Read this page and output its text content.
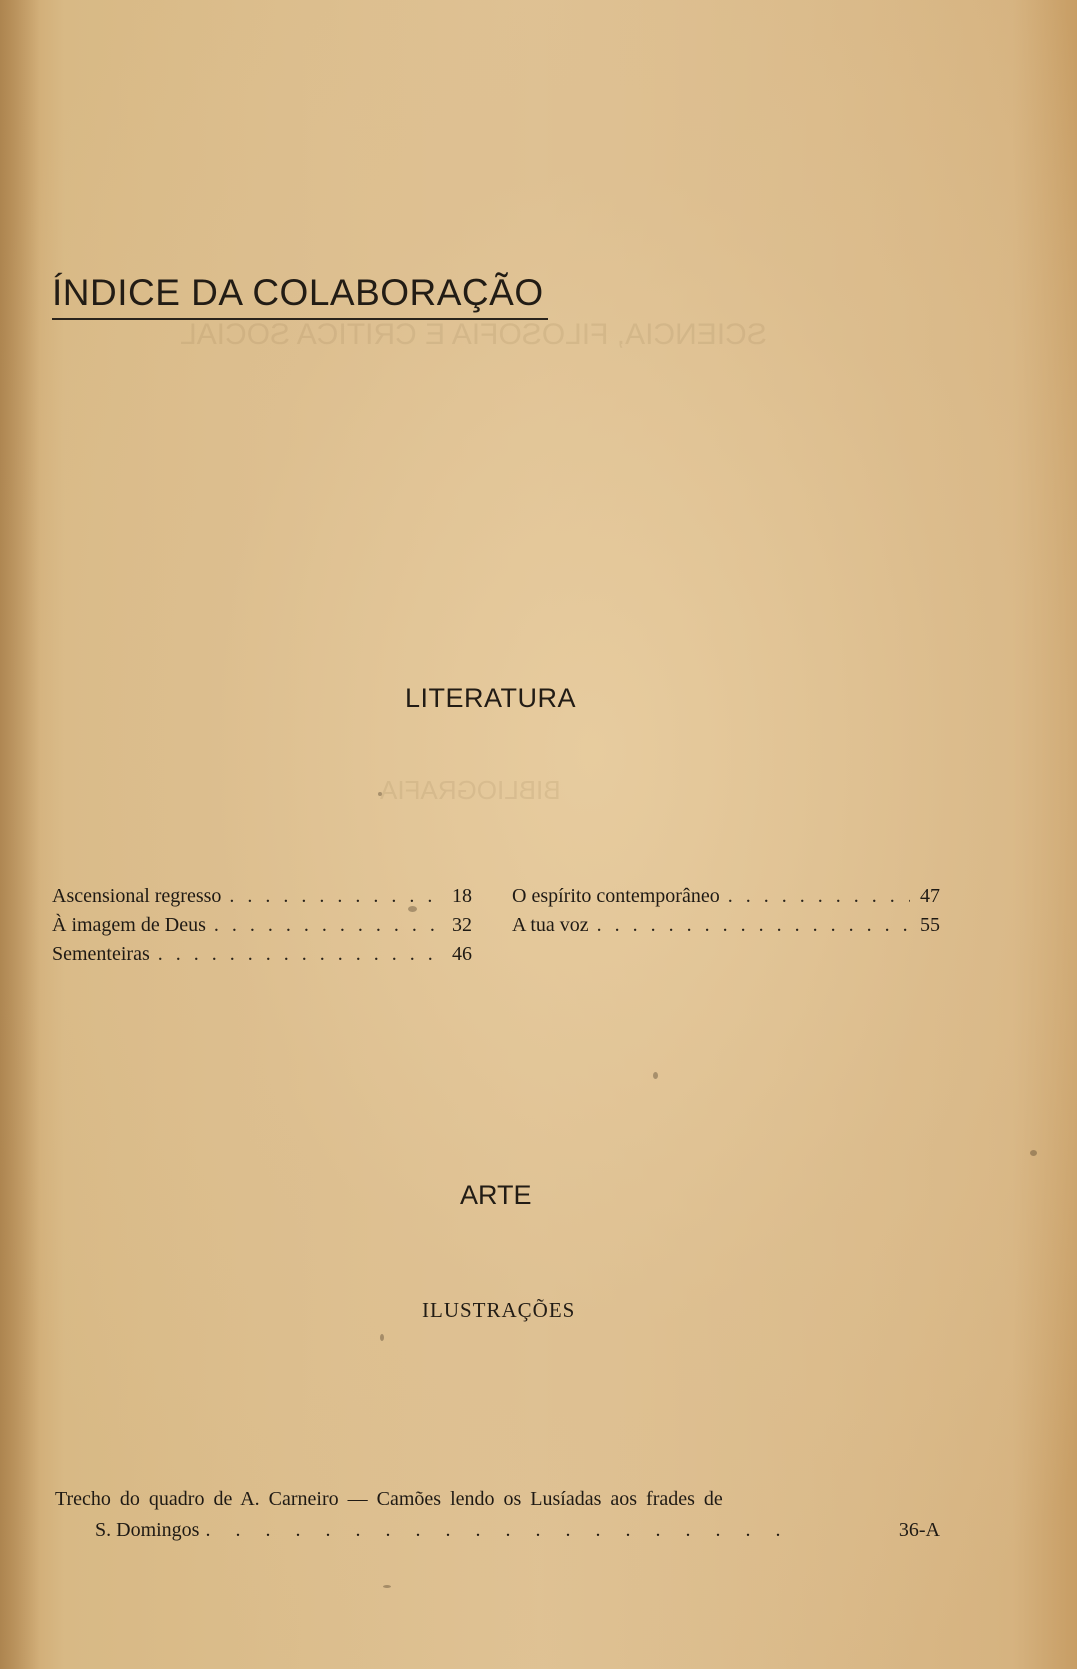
SCIENCIA, FILOSOFIA E CRITICA SOCIAL
BIBLIOGRAFIA
ÍNDICE DA COLABORAÇÃO
LITERATURA
Ascensional regresso . . .	18
À imagem de Deus . . .	32
Sementeiras . . .	46
O espírito contemporâneo . . .	47
A tua voz . . .	55
ARTE
ILUSTRAÇÕES
Trecho do quadro de A. Carneiro — Camões lendo os Lusíadas aos frades de
S. Domingos . . .	36-A
